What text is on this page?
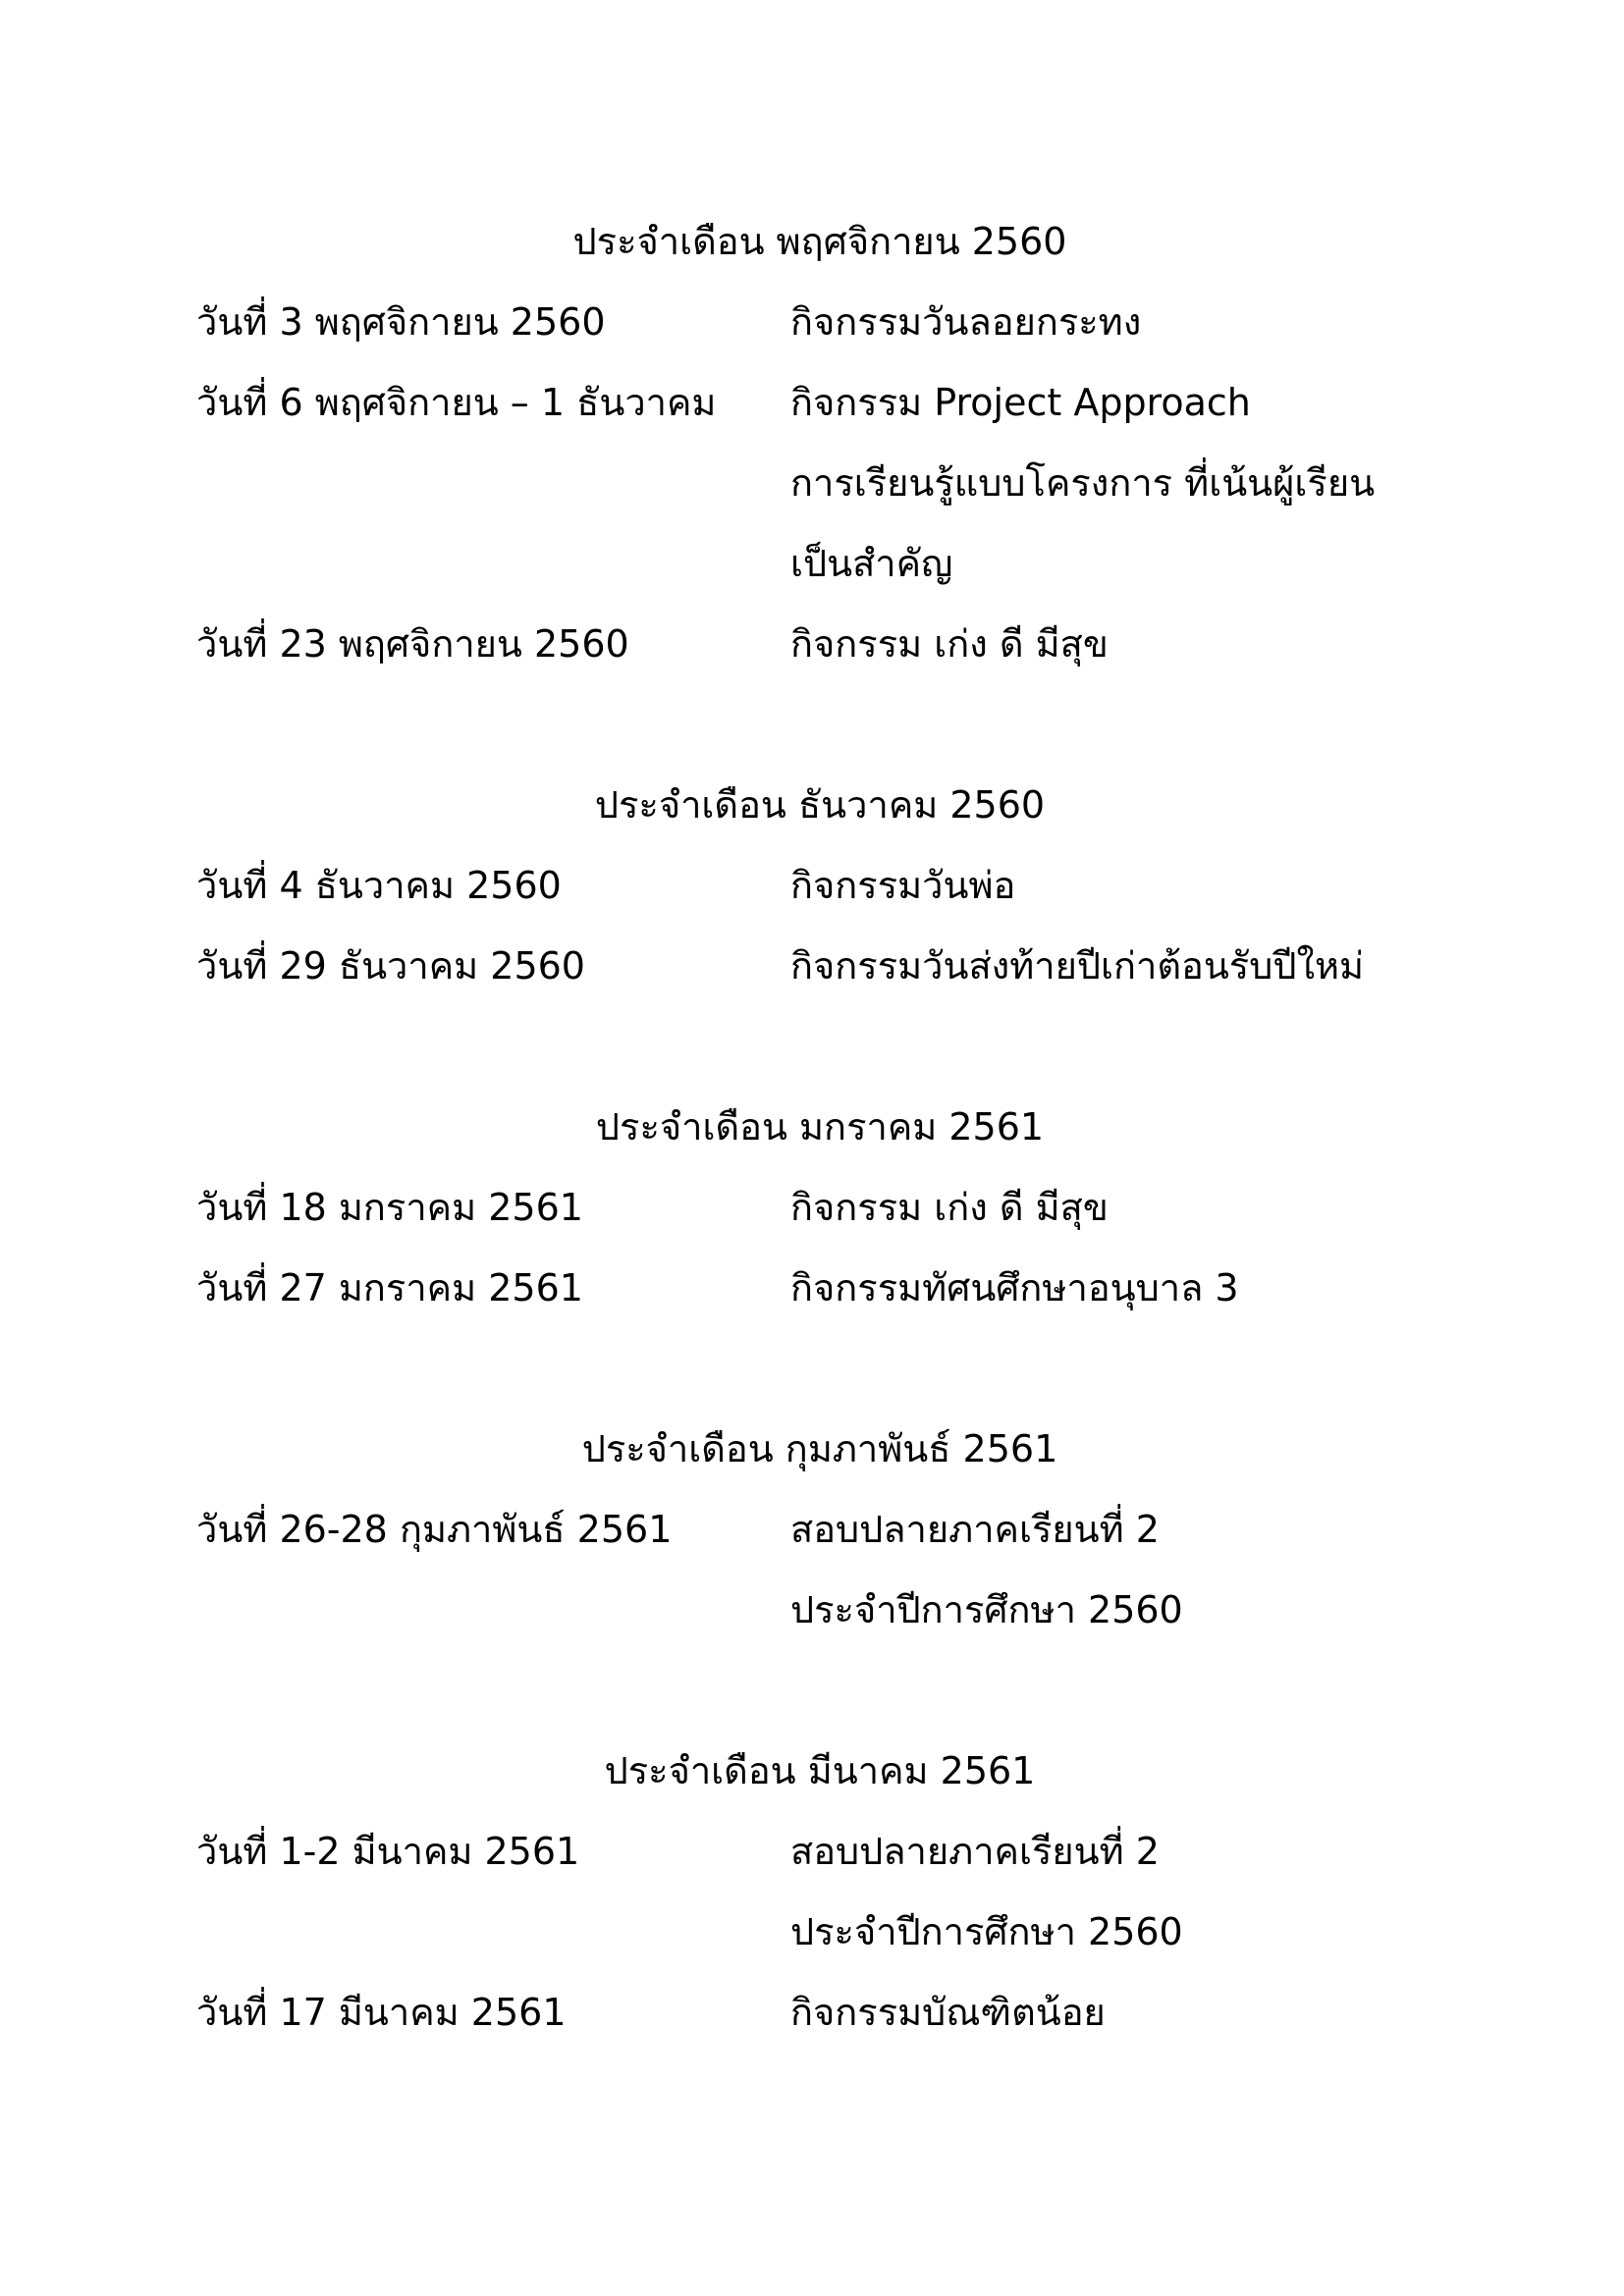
ประจำเดือน พฤศจิกายน 2560
วันที่ 3 พฤศจิกายน 2560	กิจกรรมวันลอยกระทง
วันที่ 6 พฤศจิกายน – 1 ธันวาคม	กิจกรรม Project Approach
การเรียนรู้แบบโครงการ ที่เน้นผู้เรียน
เป็นสำคัญ
วันที่ 23 พฤศจิกายน 2560	กิจกรรม เก่ง ดี มีสุข
ประจำเดือน ธันวาคม 2560
วันที่ 4 ธันวาคม 2560	กิจกรรมวันพ่อ
วันที่ 29 ธันวาคม 2560	กิจกรรมวันส่งท้ายปีเก่าต้อนรับปีใหม่
ประจำเดือน มกราคม 2561
วันที่ 18 มกราคม 2561	กิจกรรม เก่ง ดี มีสุข
วันที่ 27 มกราคม 2561	กิจกรรมทัศนศึกษาอนุบาล 3
ประจำเดือน กุมภาพันธ์ 2561
วันที่ 26-28 กุมภาพันธ์ 2561	สอบปลายภาคเรียนที่ 2
ประจำปีการศึกษา 2560
ประจำเดือน มีนาคม 2561
วันที่ 1-2 มีนาคม 2561	สอบปลายภาคเรียนที่ 2
ประจำปีการศึกษา 2560
วันที่ 17 มีนาคม 2561	กิจกรรมบัณฑิตน้อย
